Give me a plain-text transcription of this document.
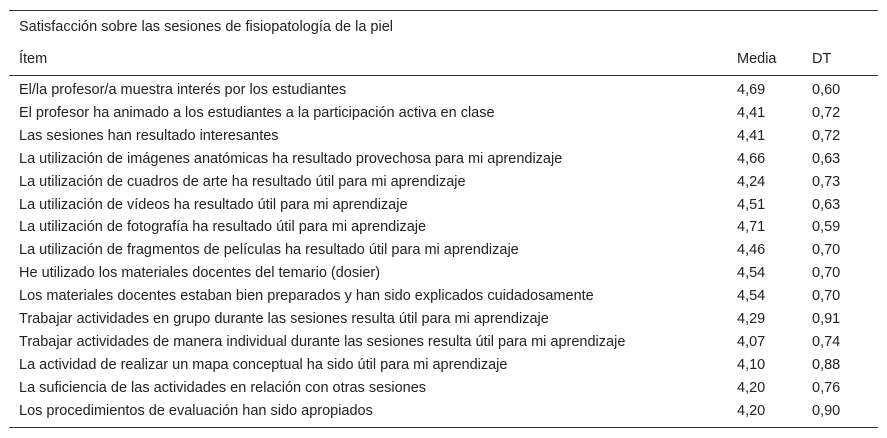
Satisfacción sobre las sesiones de fisiopatología de la piel
Ítem	Media	DT
El/la profesor/a muestra interés por los estudiantes	4,69	0,60
El profesor ha animado a los estudiantes a la participación activa en clase	4,41	0,72
Las sesiones han resultado interesantes	4,41	0,72
La utilización de imágenes anatómicas ha resultado provechosa para mi aprendizaje	4,66	0,63
La utilización de cuadros de arte ha resultado útil para mi aprendizaje	4,24	0,73
La utilización de vídeos ha resultado útil para mi aprendizaje	4,51	0,63
La utilización de fotografía ha resultado útil para mi aprendizaje	4,71	0,59
La utilización de fragmentos de películas ha resultado útil para mi aprendizaje	4,46	0,70
He utilizado los materiales docentes del temario (dosier)	4,54	0,70
Los materiales docentes estaban bien preparados y han sido explicados cuidadosamente	4,54	0,70
Trabajar actividades en grupo durante las sesiones resulta útil para mi aprendizaje	4,29	0,91
Trabajar actividades de manera individual durante las sesiones resulta útil para mi aprendizaje	4,07	0,74
La actividad de realizar un mapa conceptual ha sido útil para mi aprendizaje	4,10	0,88
La suficiencia de las actividades en relación con otras sesiones	4,20	0,76
Los procedimientos de evaluación han sido apropiados	4,20	0,90
